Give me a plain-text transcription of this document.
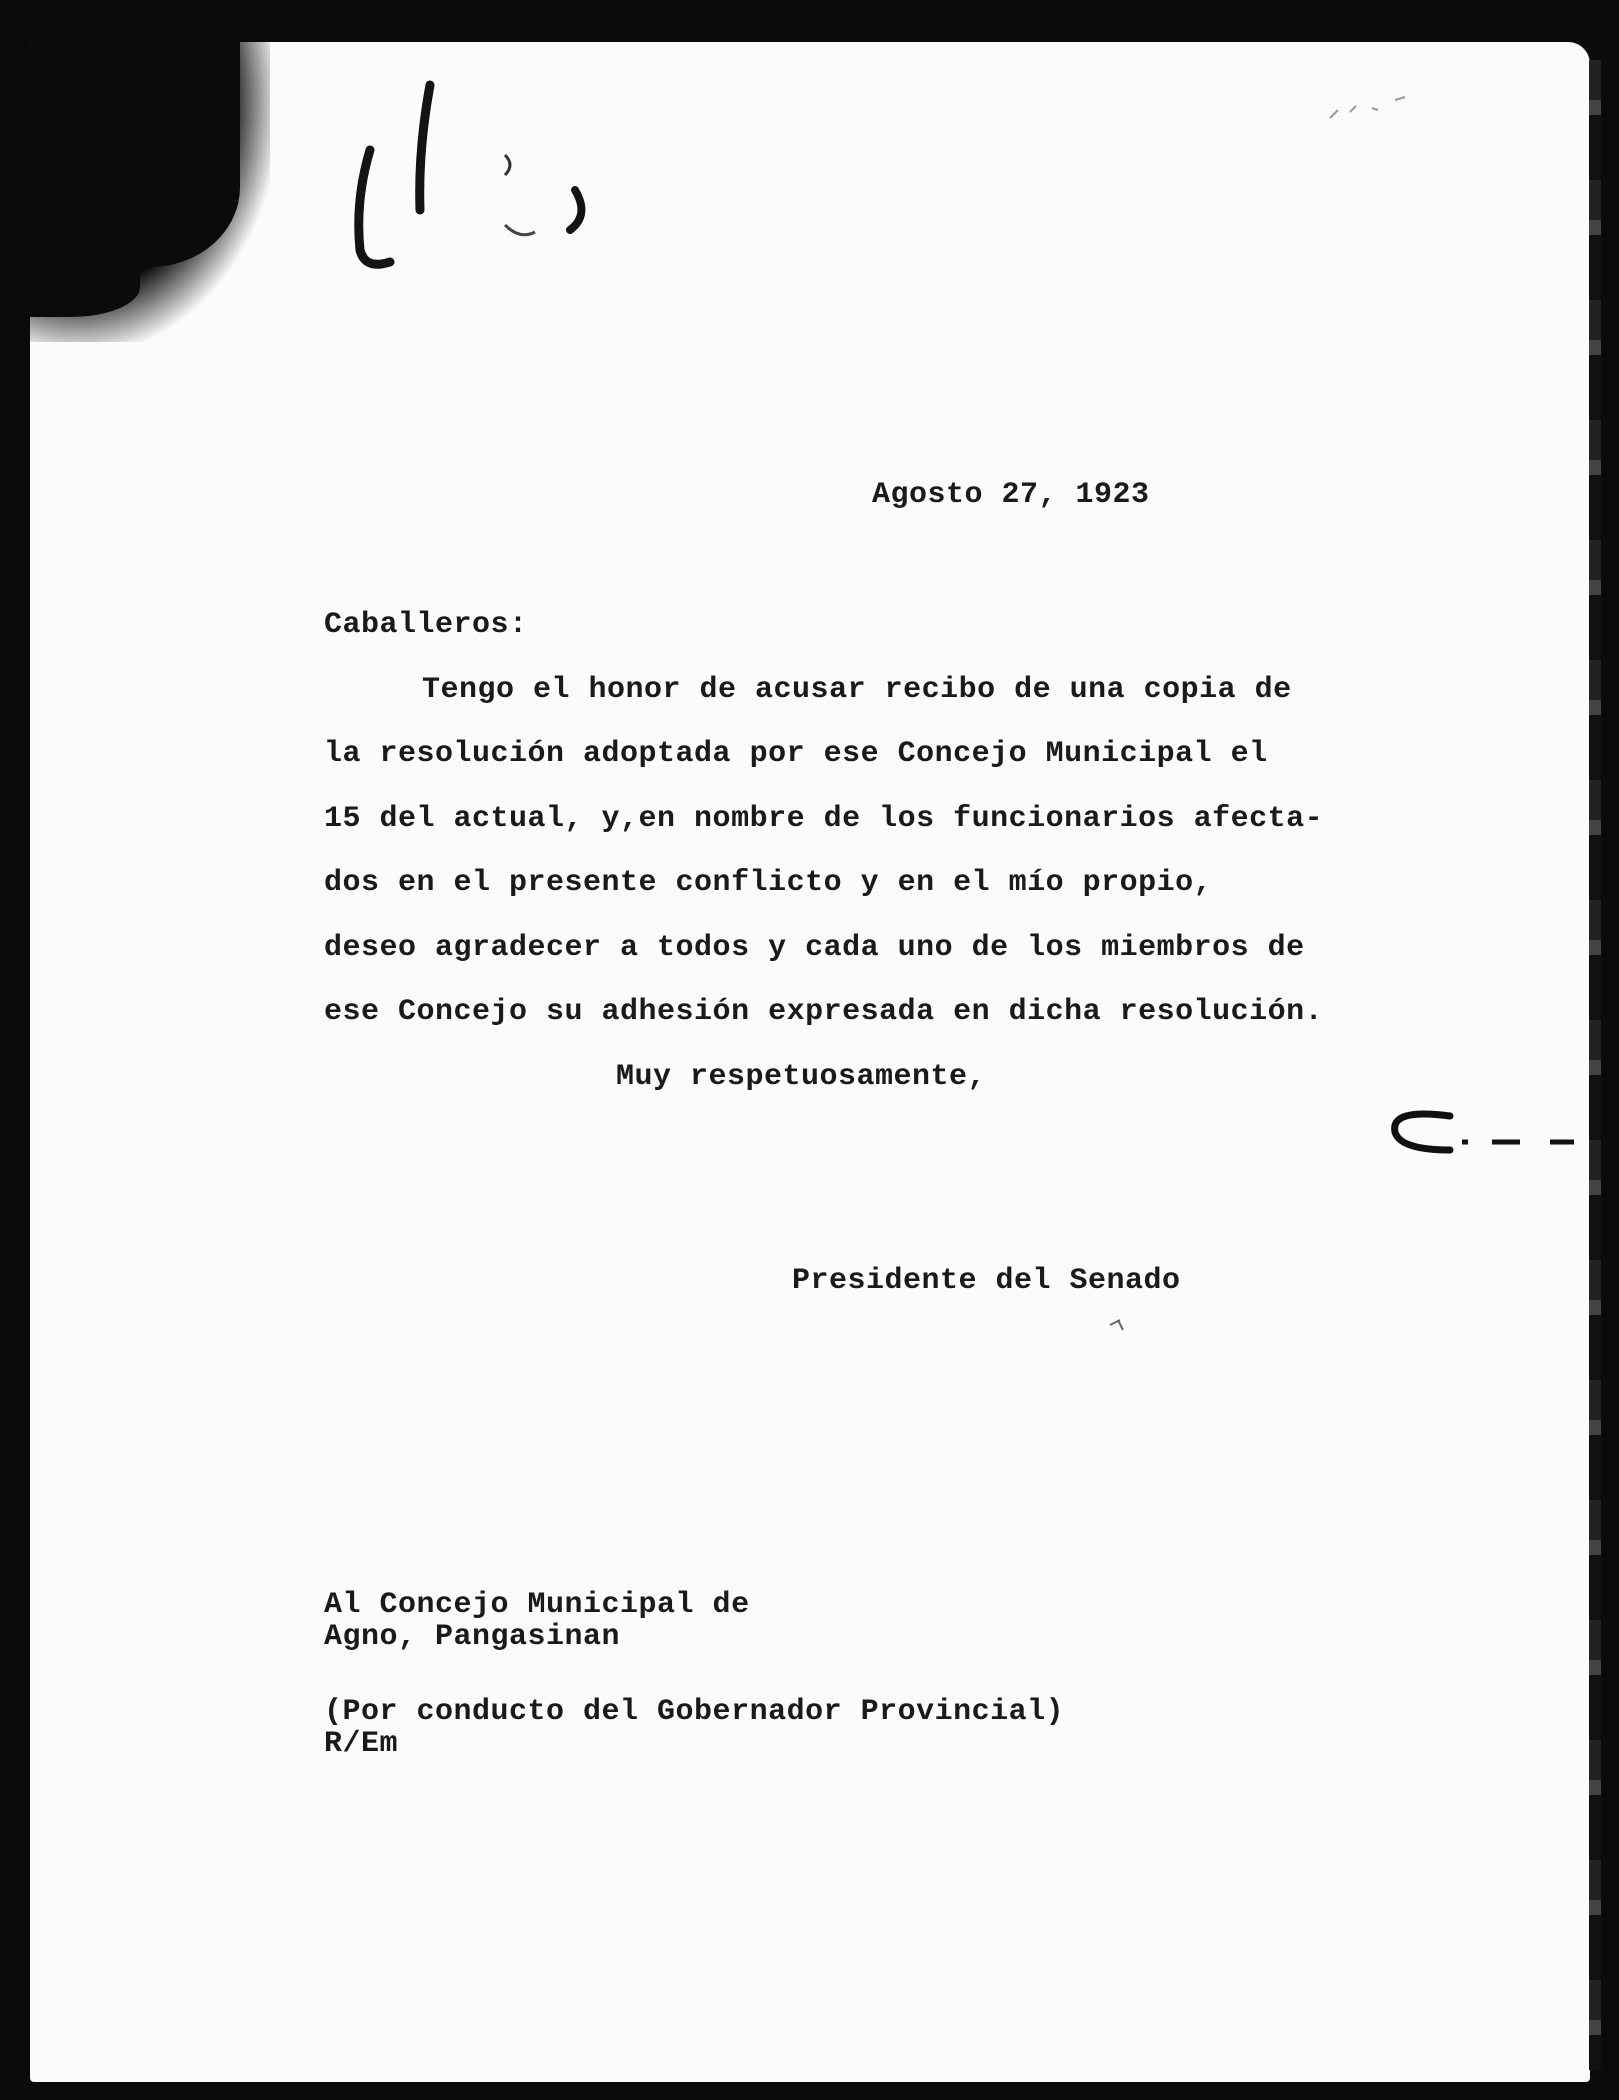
Agosto 27, 1923

Caballeros:

Tengo el honor de acusar recibo de una copia de

la resolución adoptada por ese Concejo Municipal el

15 del actual, y,en nombre de los funcionarios afecta-

dos en el presente conflicto y en el mío propio,

deseo agradecer a todos y cada uno de los miembros de

ese Concejo su adhesión expresada en dicha resolución.

Muy respetuosamente,

Presidente del Senado

Al Concejo Municipal de

Agno, Pangasinan

(Por conducto del Gobernador Provincial)

R/Em
